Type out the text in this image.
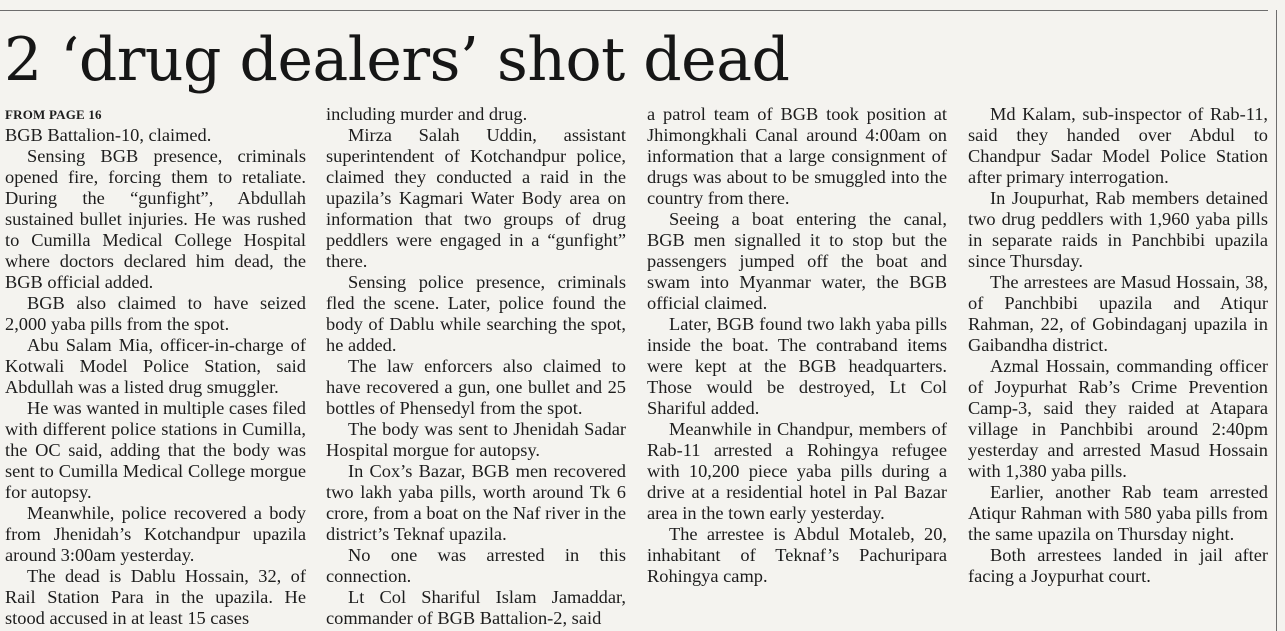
2 ‘drug dealers’ shot dead
FROM PAGE 16

BGB Battalion-10, claimed.

Sensing BGB presence, criminals opened fire, forcing them to retaliate. During the “gunfight”, Abdullah sustained bullet injuries. He was rushed to Cumilla Medical College Hospital where doctors declared him dead, the BGB official added.

BGB also claimed to have seized 2,000 yaba pills from the spot.

Abu Salam Mia, officer-in-charge of Kotwali Model Police Station, said Abdullah was a listed drug smuggler.

He was wanted in multiple cases filed with different police stations in Cumilla, the OC said, adding that the body was sent to Cumilla Medical College morgue for autopsy.

Meanwhile, police recovered a body from Jhenidah’s Kotchandpur upazila around 3:00am yesterday.

The dead is Dablu Hossain, 32, of Rail Station Para in the upazila. He stood accused in at least 15 cases

including murder and drug.

Mirza Salah Uddin, assistant superintendent of Kotchandpur police, claimed they conducted a raid in the upazila’s Kagmari Water Body area on information that two groups of drug peddlers were engaged in a “gunfight” there.

Sensing police presence, criminals fled the scene. Later, police found the body of Dablu while searching the spot, he added.

The law enforcers also claimed to have recovered a gun, one bullet and 25 bottles of Phensedyl from the spot.

The body was sent to Jhenidah Sadar Hospital morgue for autopsy.

In Cox’s Bazar, BGB men recovered two lakh yaba pills, worth around Tk 6 crore, from a boat on the Naf river in the district’s Teknaf upazila.

No one was arrested in this connection.

Lt Col Shariful Islam Jamaddar, commander of BGB Battalion-2, said

a patrol team of BGB took position at Jhimongkhali Canal around 4:00am on information that a large consignment of drugs was about to be smuggled into the country from there.

Seeing a boat entering the canal, BGB men signalled it to stop but the passengers jumped off the boat and swam into Myanmar water, the BGB official claimed.

Later, BGB found two lakh yaba pills inside the boat. The contraband items were kept at the BGB headquarters. Those would be destroyed, Lt Col Shariful added.

Meanwhile in Chandpur, members of Rab-11 arrested a Rohingya refugee with 10,200 piece yaba pills during a drive at a residential hotel in Pal Bazar area in the town early yesterday.

The arrestee is Abdul Motaleb, 20, inhabitant of Teknaf’s Pachuripara Rohingya camp.

Md Kalam, sub-inspector of Rab-11, said they handed over Abdul to Chandpur Sadar Model Police Station after primary interrogation.

In Joupurhat, Rab members detained two drug peddlers with 1,960 yaba pills in separate raids in Panchbibi upazila since Thursday.

The arrestees are Masud Hossain, 38, of Panchbibi upazila and Atiqur Rahman, 22, of Gobindaganj upazila in Gaibandha district.

Azmal Hossain, commanding officer of Joypurhat Rab’s Crime Prevention Camp-3, said they raided at Atapara village in Panchbibi around 2:40pm yesterday and arrested Masud Hossain with 1,380 yaba pills.

Earlier, another Rab team arrested Atiqur Rahman with 580 yaba pills from the same upazila on Thursday night.

Both arrestees landed in jail after facing a Joypurhat court.
